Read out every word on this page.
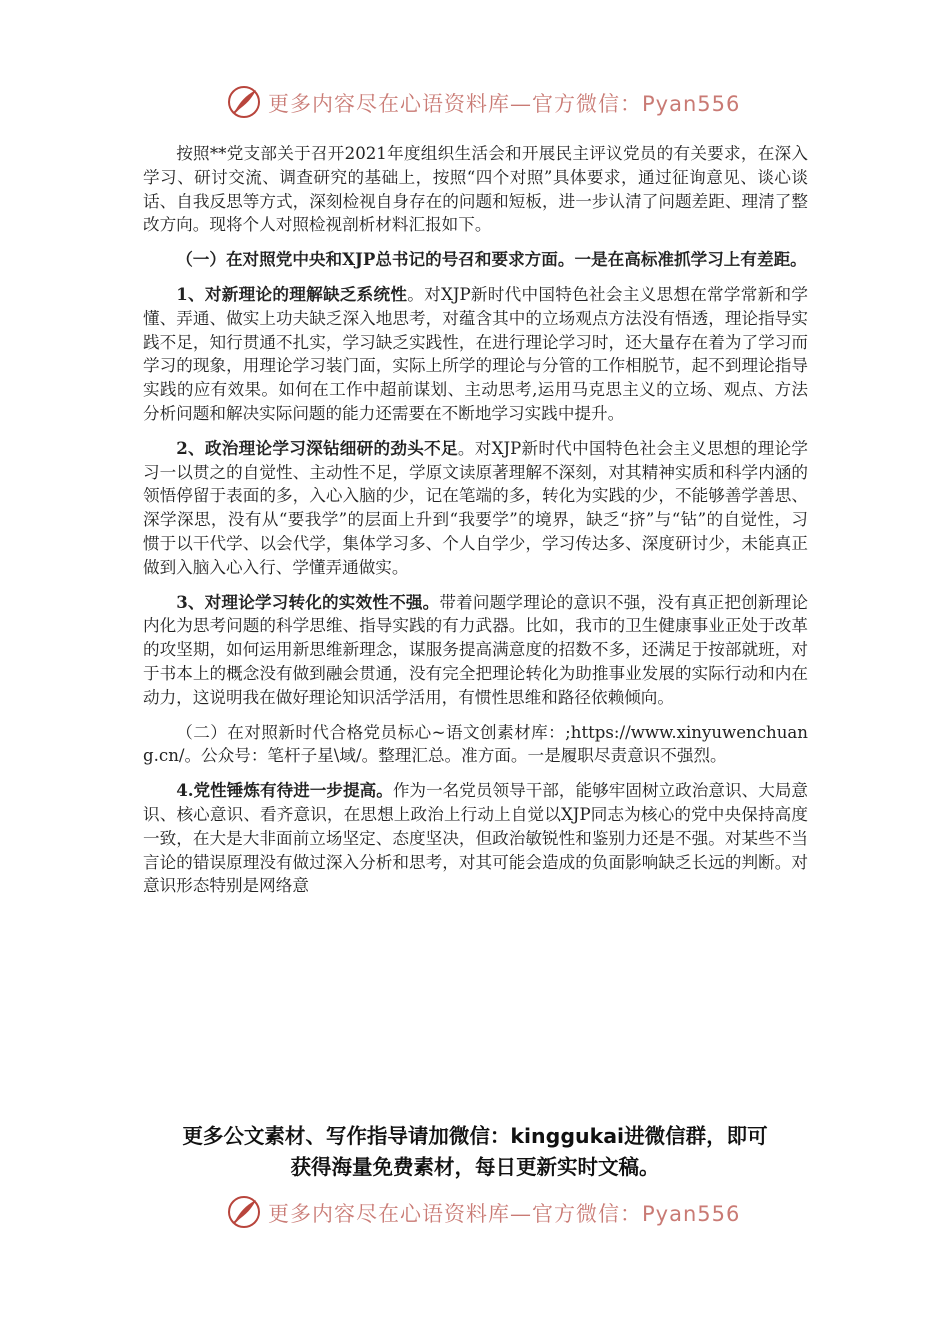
更多内容尽在心语资料库—官方微信：Pyan556

按照**党支部关于召开2021年度组织生活会和开展民主评议党员的有关要求，在深入学习、研讨交流、调查研究的基础上，按照“四个对照”具体要求，通过征询意见、谈心谈话、自我反思等方式，深刻检视自身存在的问题和短板，进一步认清了问题差距、理清了整改方向。现将个人对照检视剖析材料汇报如下。

（一）在对照党中央和XJP总书记的号召和要求方面。一是在高标准抓学习上有差距。

1、对新理论的理解缺乏系统性。对XJP新时代中国特色社会主义思想在常学常新和学懂、弄通、做实上功夫缺乏深入地思考，对蕴含其中的立场观点方法没有悟透，理论指导实践不足，知行贯通不扎实，学习缺乏实践性，在进行理论学习时，还大量存在着为了学习而学习的现象，用理论学习装门面，实际上所学的理论与分管的工作相脱节，起不到理论指导实践的应有效果。如何在工作中超前谋划、主动思考,运用马克思主义的立场、观点、方法分析问题和解决实际问题的能力还需要在不断地学习实践中提升。

2、政治理论学习深钻细研的劲头不足。对XJP新时代中国特色社会主义思想的理论学习一以贯之的自觉性、主动性不足，学原文读原著理解不深刻，对其精神实质和科学内涵的领悟停留于表面的多，入心入脑的少，记在笔端的多，转化为实践的少，不能够善学善思、深学深思，没有从“要我学”的层面上升到“我要学”的境界，缺乏“挤”与“钻”的自觉性，习惯于以干代学、以会代学，集体学习多、个人自学少，学习传达多、深度研讨少，未能真正做到入脑入心入行、学懂弄通做实。

3、对理论学习转化的实效性不强。带着问题学理论的意识不强，没有真正把创新理论内化为思考问题的科学思维、指导实践的有力武器。比如，我市的卫生健康事业正处于改革的攻坚期，如何运用新思维新理念，谋服务提高满意度的招数不多，还满足于按部就班，对于书本上的概念没有做到融会贯通，没有完全把理论转化为助推事业发展的实际行动和内在动力，这说明我在做好理论知识活学活用，有惯性思维和路径依赖倾向。

（二）在对照新时代合格党员标心~语文创素材库：;https://www.xinyuwenchuang.cn/。公众号：笔杆子星\域/。整理汇总。准方面。一是履职尽责意识不强烈。

4.党性锤炼有待进一步提高。作为一名党员领导干部，能够牢固树立政治意识、大局意识、核心意识、看齐意识，在思想上政治上行动上自觉以XJP同志为核心的党中央保持高度一致，在大是大非面前立场坚定、态度坚决，但政治敏锐性和鉴别力还是不强。对某些不当言论的错误原理没有做过深入分析和思考，对其可能会造成的负面影响缺乏长远的判断。对意识形态特别是网络意

更多公文素材、写作指导请加微信：kinggukai进微信群，即可
获得海量免费素材，每日更新实时文稿。
更多内容尽在心语资料库—官方微信：Pyan556
